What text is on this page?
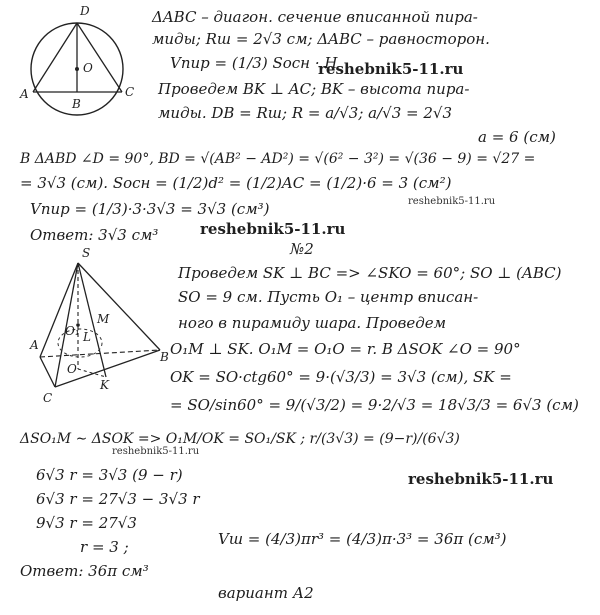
D
A	C
B
O
S
A
B
C
K
M
O₁
O
L
ΔABC – диагон. сечение вписанной пира-
миды; Rш = 2√3 см; ΔABC – равносторон.
Vпир = (1/3) Sосн · H
Проведем BK ⊥ AC; BK – высота пира-
миды. DB = Rш; R = a/√3; a/√3 = 2√3
a = 6 (см)
В ΔABD ∠D = 90°, BD = √(AB² − AD²) = √(6² − 3²) = √(36 − 9) = √27 =
= 3√3 (см). Sосн = (1/2)d² = (1/2)AC = (1/2)·6 = 3 (см²)
Vпир = (1/3)·3·3√3 = 3√3 (см³)
Ответ: 3√3 см³
№2
Проведем SK ⊥ BC => ∠SKO = 60°; SO ⊥ (ABC)
SO = 9 см. Пусть O₁ – центр вписан-
ного в пирамиду шара. Проведем
O₁M ⊥ SK. O₁M = O₁O = r. В ΔSOK ∠O = 90°
OK = SO·ctg60° = 9·(√3/3) = 3√3 (см), SK =
= SO/sin60° = 9/(√3/2) = 9·2/√3 = 18√3/3 = 6√3 (см)
ΔSO₁M ∼ ΔSOK => O₁M/OK = SO₁/SK ; r/(3√3) = (9−r)/(6√3)
6√3 r = 3√3 (9 − r)
6√3 r = 27√3 − 3√3 r
9√3 r = 27√3
r = 3 ;	Vш = (4/3)πr³ = (4/3)π·3³ = 36π (см³)
Ответ: 36π см³
вариант А2
reshebnik5-11.ru
reshebnik5-11.ru
reshebnik5-11.ru
reshebnik5-11.ru
reshebnik5-11.ru
